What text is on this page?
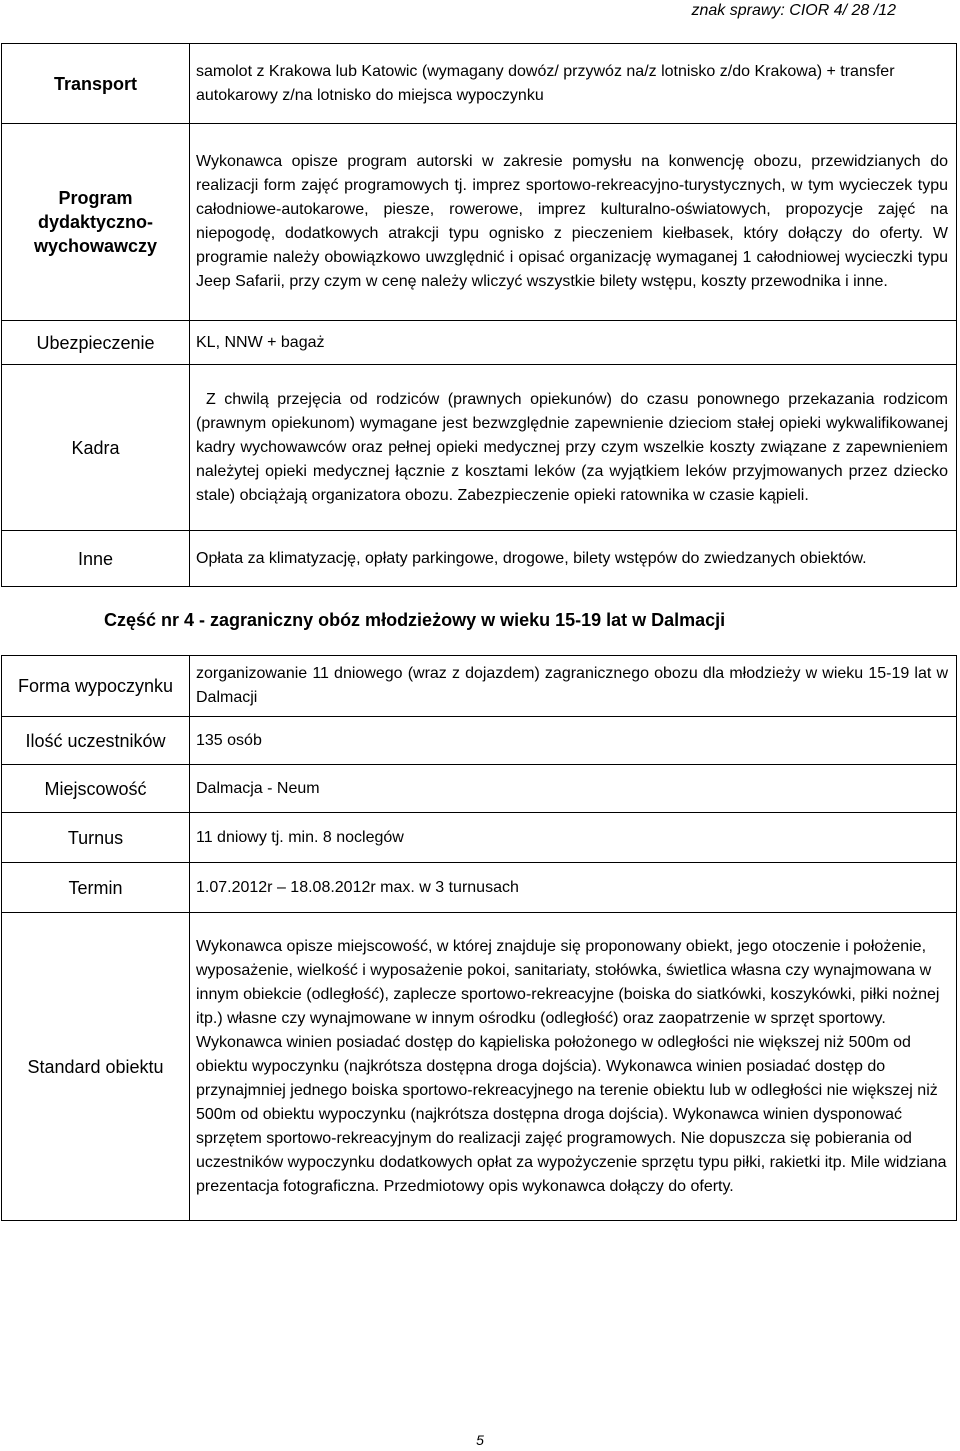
znak sprawy: CIOR 4/ 28 /12
Transport	samolot z Krakowa lub Katowic (wymagany dowóz/ przywóz na/z lotnisko z/do Krakowa) + transfer autokarowy z/na lotnisko do miejsca wypoczynku
Program dydaktyczno-wychowawczy	Wykonawca opisze program autorski w zakresie pomysłu na konwencję obozu, przewidzianych do realizacji form zajęć programowych tj. imprez sportowo-rekreacyjno-turystycznych, w tym wycieczek typu całodniowe-autokarowe, piesze, rowerowe, imprez kulturalno-oświatowych, propozycje zajęć na niepogodę, dodatkowych atrakcji typu ognisko z pieczeniem kiełbasek, który dołączy do oferty. W programie należy obowiązkowo uwzględnić i opisać organizację wymaganej 1 całodniowej wycieczki typu Jeep Safarii, przy czym w cenę należy wliczyć wszystkie bilety wstępu, koszty przewodnika i inne.
Ubezpieczenie	KL, NNW + bagaż
Kadra	Z chwilą przejęcia od rodziców (prawnych opiekunów) do czasu ponownego przekazania rodzicom (prawnym opiekunom) wymagane jest bezwzględnie zapewnienie dzieciom stałej opieki wykwalifikowanej kadry wychowawców oraz pełnej opieki medycznej przy czym wszelkie koszty związane z zapewnieniem należytej opieki medycznej łącznie z kosztami leków (za wyjątkiem leków przyjmowanych przez dziecko stale) obciążają organizatora obozu. Zabezpieczenie opieki ratownika w czasie kąpieli.
Inne	Opłata za klimatyzację, opłaty parkingowe, drogowe, bilety wstępów do zwiedzanych obiektów.
Część nr 4 - zagraniczny obóz młodzieżowy w wieku 15-19 lat w Dalmacji
Forma wypoczynku	zorganizowanie 11 dniowego (wraz z dojazdem) zagranicznego obozu dla młodzieży w wieku 15-19 lat w Dalmacji
Ilość uczestników	135 osób
Miejscowość	Dalmacja - Neum
Turnus	11 dniowy tj. min. 8 noclegów
Termin	1.07.2012r – 18.08.2012r max. w 3 turnusach
Standard obiektu	Wykonawca opisze miejscowość, w której znajduje się proponowany obiekt, jego otoczenie i położenie, wyposażenie, wielkość i wyposażenie pokoi, sanitariaty, stołówka, świetlica własna czy wynajmowana w innym obiekcie (odległość), zaplecze sportowo-rekreacyjne (boiska do siatkówki, koszykówki, piłki nożnej itp.) własne czy wynajmowane w innym ośrodku (odległość) oraz zaopatrzenie w sprzęt sportowy. Wykonawca winien posiadać dostęp do kąpieliska położonego w odległości nie większej niż 500m od obiektu wypoczynku (najkrótsza dostępna droga dojścia). Wykonawca winien posiadać dostęp do przynajmniej jednego boiska sportowo-rekreacyjnego na terenie obiektu lub w odległości nie większej niż 500m od obiektu wypoczynku (najkrótsza dostępna droga dojścia). Wykonawca winien dysponować sprzętem sportowo-rekreacyjnym do realizacji zajęć programowych. Nie dopuszcza się pobierania od uczestników wypoczynku dodatkowych opłat za wypożyczenie sprzętu typu piłki, rakietki itp. Mile widziana prezentacja fotograficzna. Przedmiotowy opis wykonawca dołączy do oferty.
5
